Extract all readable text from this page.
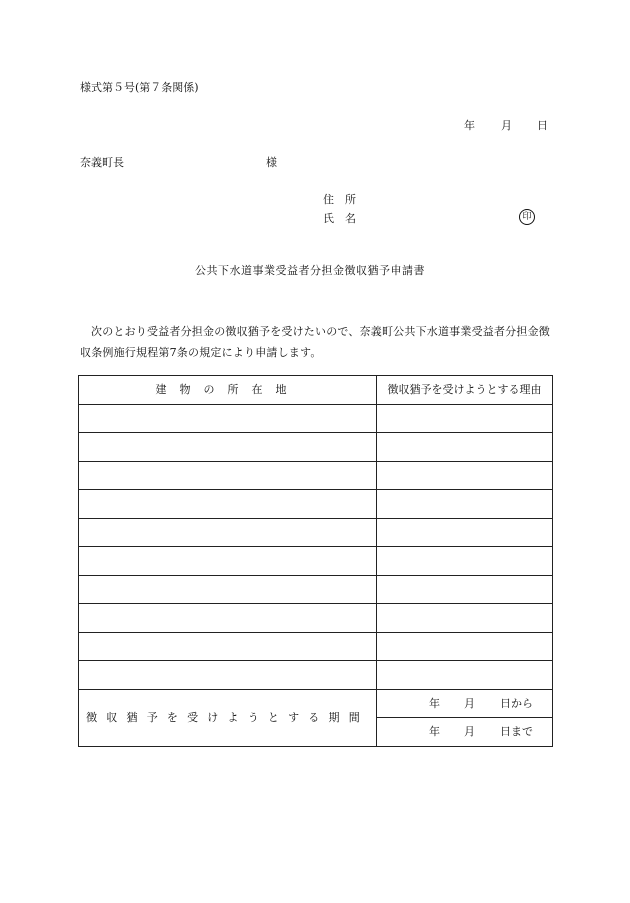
様式第５号(第７条関係)
年 月 日
奈義町長	様
住所
氏名	印
公共下水道事業受益者分担金徴収猶予申請書
次のとおり受益者分担金の徴収猶予を受けたいので、奈義町公共下水道事業受益者分担金徴収条例施行規程第7条の規定により申請します。
建物の所在地	徴収猶予を受けようとする理由

徴収猶予を受けようとする期間	年 月 日から

	年 月 日まで
